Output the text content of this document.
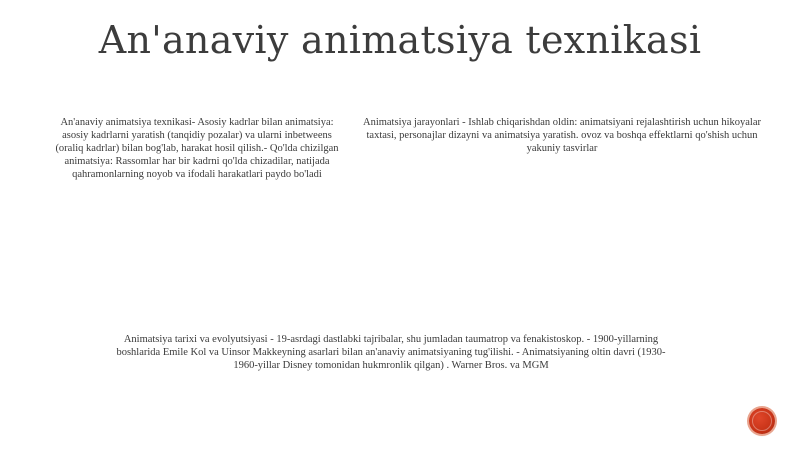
An'anaviy animatsiya texnikasi

An'anaviy animatsiya texnikasi- Asosiy kadrlar bilan animatsiya: asosiy kadrlarni yaratish (tanqidiy pozalar) va ularni inbetweens (oraliq kadrlar) bilan bog'lab, harakat hosil qilish.- Qo'lda chizilgan animatsiya: Rassomlar har bir kadrni qo'lda chizadilar, natijada qahramonlarning noyob va ifodali harakatlari paydo bo'ladi

Animatsiya jarayonlari - Ishlab chiqarishdan oldin: animatsiyani rejalashtirish uchun hikoyalar taxtasi, personajlar dizayni va animatsiya yaratish. ovoz va boshqa effektlarni qo'shish uchun yakuniy tasvirlar

Animatsiya tarixi va evolyutsiyasi - 19-asrdagi dastlabki tajribalar, shu jumladan taumatrop va fenakistoskop. - 1900-yillarning boshlarida Emile Kol va Uinsor Makkeyning asarlari bilan an'anaviy animatsiyaning tug'ilishi. - Animatsiyaning oltin davri (1930-1960-yillar Disney tomonidan hukmronlik qilgan) . Warner Bros. va MGM
